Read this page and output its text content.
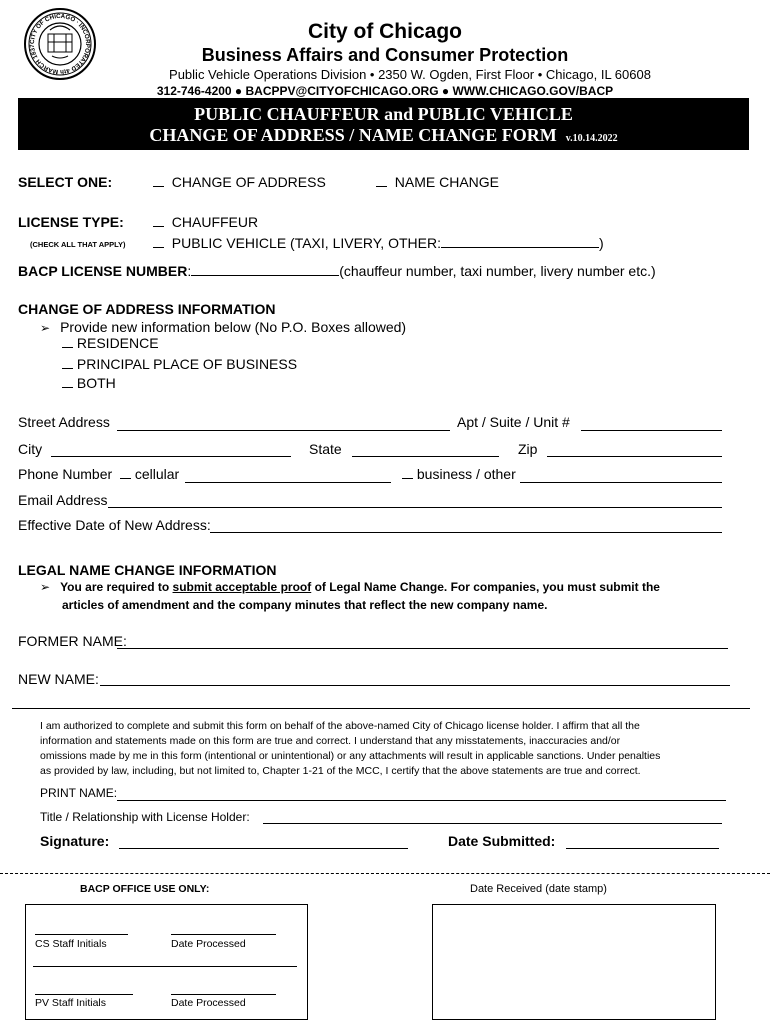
CITY OF CHICAGO · INCORPORATED 4th MARCH 1837
City of Chicago
Business Affairs and Consumer Protection
Public Vehicle Operations Division • 2350 W. Ogden, First Floor • Chicago, IL 60608
312-746-4200 ● BACPPV@CITYOFCHICAGO.ORG ● WWW.CHICAGO.GOV/BACP
PUBLIC CHAUFFEUR and PUBLIC VEHICLE
CHANGE OF ADDRESS / NAME CHANGE FORM v.10.14.2022
SELECT ONE:	CHANGE OF ADDRESS	NAME CHANGE
LICENSE TYPE:
(CHECK ALL THAT APPLY)
CHAUFFEUR
PUBLIC VEHICLE (TAXI, LIVERY, OTHER:	)
BACP LICENSE NUMBER:	(chauffeur number, taxi number, livery number etc.)
CHANGE OF ADDRESS INFORMATION
➢ Provide new information below (No P.O. Boxes allowed)
RESIDENCE
PRINCIPAL PLACE OF BUSINESS
BOTH
Street Address	Apt / Suite / Unit #
City	State	Zip
Phone Number cellular	business / other
Email Address
Effective Date of New Address:
LEGAL NAME CHANGE INFORMATION
➢ You are required to submit acceptable proof of Legal Name Change. For companies, you must submit the
articles of amendment and the company minutes that reflect the new company name.
FORMER NAME:
NEW NAME:
I am authorized to complete and submit this form on behalf of the above-named City of Chicago license holder. I affirm that all the
information and statements made on this form are true and correct. I understand that any misstatements, inaccuracies and/or
omissions made by me in this form (intentional or unintentional) or any attachments will result in applicable sanctions. Under penalties
as provided by law, including, but not limited to, Chapter 1-21 of the MCC, I certify that the above statements are true and correct.
PRINT NAME:
Title / Relationship with License Holder:
Signature:	Date Submitted:
BACP OFFICE USE ONLY:	Date Received (date stamp)
CS Staff Initials	Date Processed
PV Staff Initials	Date Processed
